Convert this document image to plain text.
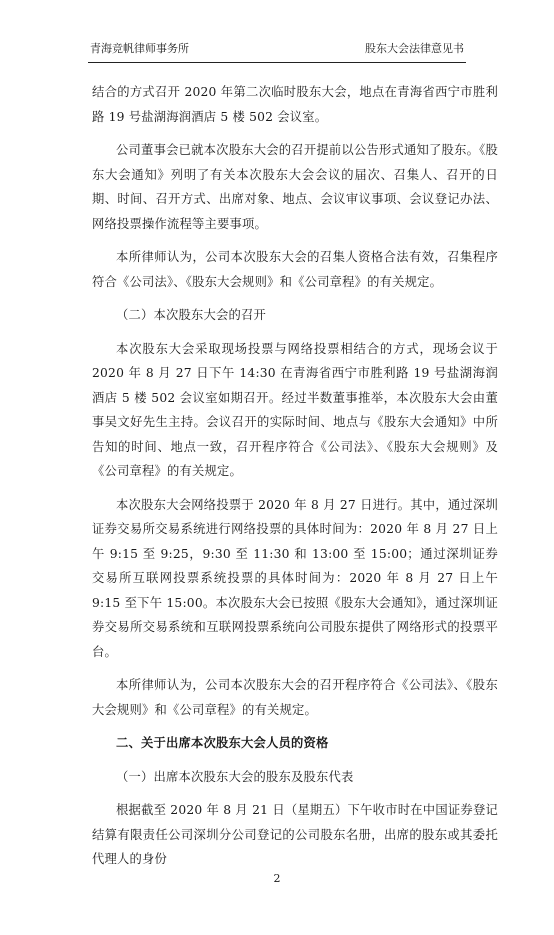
青海竞帆律师事务所	股东大会法律意见书

结合的方式召开 2020 年第二次临时股东大会，地点在青海省西宁市胜利路 19 号盐湖海润酒店 5 楼 502 会议室。

公司董事会已就本次股东大会的召开提前以公告形式通知了股东。《股东大会通知》列明了有关本次股东大会会议的届次、召集人、召开的日期、时间、召开方式、出席对象、地点、会议审议事项、会议登记办法、网络投票操作流程等主要事项。

本所律师认为，公司本次股东大会的召集人资格合法有效，召集程序符合《公司法》、《股东大会规则》和《公司章程》的有关规定。

（二）本次股东大会的召开

本次股东大会采取现场投票与网络投票相结合的方式，现场会议于 2020 年 8 月 27 日下午 14:30 在青海省西宁市胜利路 19 号盐湖海润酒店 5 楼 502 会议室如期召开。经过半数董事推举，本次股东大会由董事吴文好先生主持。会议召开的实际时间、地点与《股东大会通知》中所告知的时间、地点一致，召开程序符合《公司法》、《股东大会规则》及《公司章程》的有关规定。

本次股东大会网络投票于 2020 年 8 月 27 日进行。其中，通过深圳证券交易所交易系统进行网络投票的具体时间为：2020 年 8 月 27 日上午 9:15 至 9:25，9:30 至 11:30 和 13:00 至 15:00；通过深圳证券交易所互联网投票系统投票的具体时间为：2020 年 8 月 27 日上午 9:15 至下午 15:00。本次股东大会已按照《股东大会通知》，通过深圳证券交易所交易系统和互联网投票系统向公司股东提供了网络形式的投票平台。

本所律师认为，公司本次股东大会的召开程序符合《公司法》、《股东大会规则》和《公司章程》的有关规定。

二、关于出席本次股东大会人员的资格

（一）出席本次股东大会的股东及股东代表

根据截至 2020 年 8 月 21 日（星期五）下午收市时在中国证券登记结算有限责任公司深圳分公司登记的公司股东名册，出席的股东或其委托代理人的身份

2
